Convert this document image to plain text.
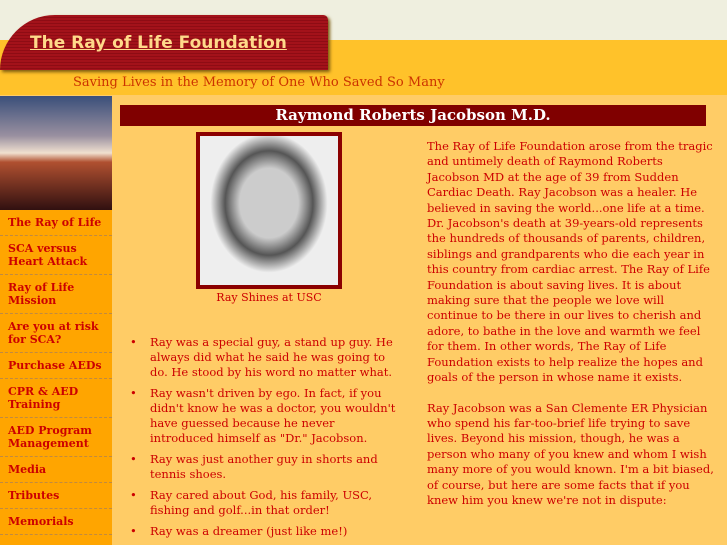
The Ray of Life Foundation
Saving Lives in the Memory of One Who Saved So Many
The Ray of Life
SCA versus Heart Attack
Ray of Life Mission
Are you at risk for SCA?
Purchase AEDs
CPR & AED Training
AED Program Management
Media
Tributes
Memorials
Raymond Roberts Jacobson M.D.
Ray Shines at USC

The Ray of Life Foundation arose from the tragic and untimely death of Raymond Roberts Jacobson MD at the age of 39 from Sudden Cardiac Death. Ray Jacobson was a healer. He believed in saving the world...one life at a time. Dr. Jacobson's death at 39-years-old represents the hundreds of thousands of parents, children, siblings and grandparents who die each year in this country from cardiac arrest. The Ray of Life Foundation is about saving lives. It is about making sure that the people we love will continue to be there in our lives to cherish and adore, to bathe in the love and warmth we feel for them. In other words, The Ray of Life Foundation exists to help realize the hopes and goals of the person in whose name it exists.

Ray Jacobson was a San Clemente ER Physician who spend his far-too-brief life trying to save lives. Beyond his mission, though, he was a person who many of you knew and whom I wish many more of you would known. I'm a bit biased, of course, but here are some facts that if you knew him you knew we're not in dispute:

• Ray was a special guy, a stand up guy. He always did what he said he was going to do. He stood by his word no matter what.
• Ray wasn't driven by ego. In fact, if you didn't know he was a doctor, you wouldn't have guessed because he never introduced himself as "Dr." Jacobson.
• Ray was just another guy in shorts and tennis shoes.
• Ray cared about God, his family, USC, fishing and golf...in that order!
• Ray was a dreamer (just like me!)
